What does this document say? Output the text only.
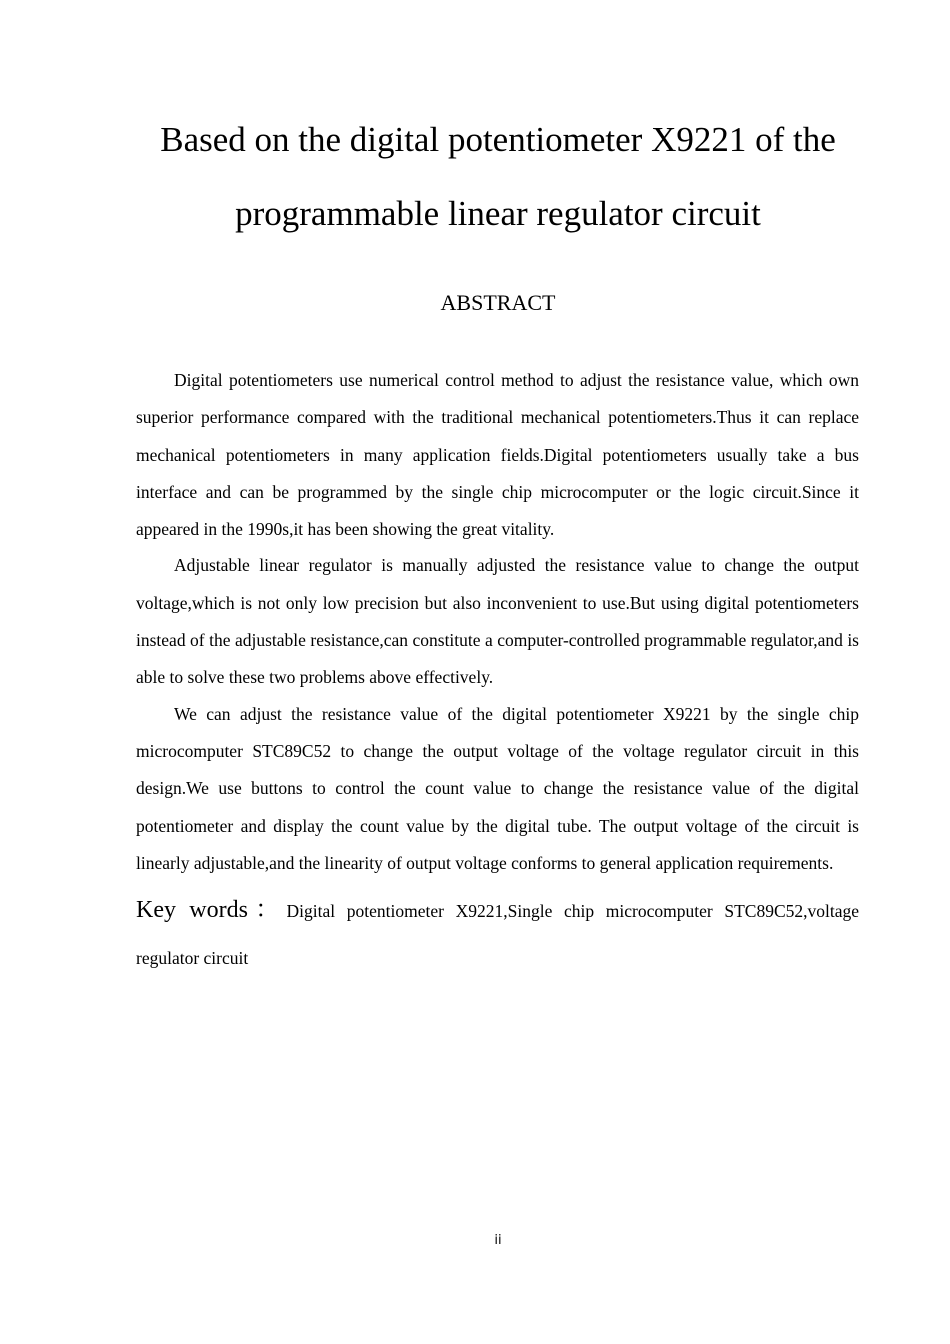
Based on the digital potentiometer X9221 of the
programmable linear regulator circuit
ABSTRACT

Digital potentiometers use numerical control method to adjust the resistance value, which own superior performance compared with the traditional mechanical potentiometers.Thus it can replace mechanical potentiometers in many application fields.Digital potentiometers usually take a bus interface and can be programmed by the single chip microcomputer or the logic circuit.Since it appeared in the 1990s,it has been showing the great vitality.

Adjustable linear regulator is manually adjusted the resistance value to change the output voltage,which is not only low precision but also inconvenient to use.But using digital potentiometers instead of the adjustable resistance,can constitute a computer-controlled programmable regulator,and is able to solve these two problems above effectively.

We can adjust the resistance value of the digital potentiometer X9221 by the single chip microcomputer STC89C52 to change the output voltage of the voltage regulator circuit in this design.We use buttons to control the count value to change the resistance value of the digital potentiometer and display the count value by the digital tube. The output voltage of the circuit is linearly adjustable,and the linearity of output voltage conforms to general application requirements.

Key words：Digital potentiometer X9221,Single chip microcomputer STC89C52,voltage regulator circuit

ii
